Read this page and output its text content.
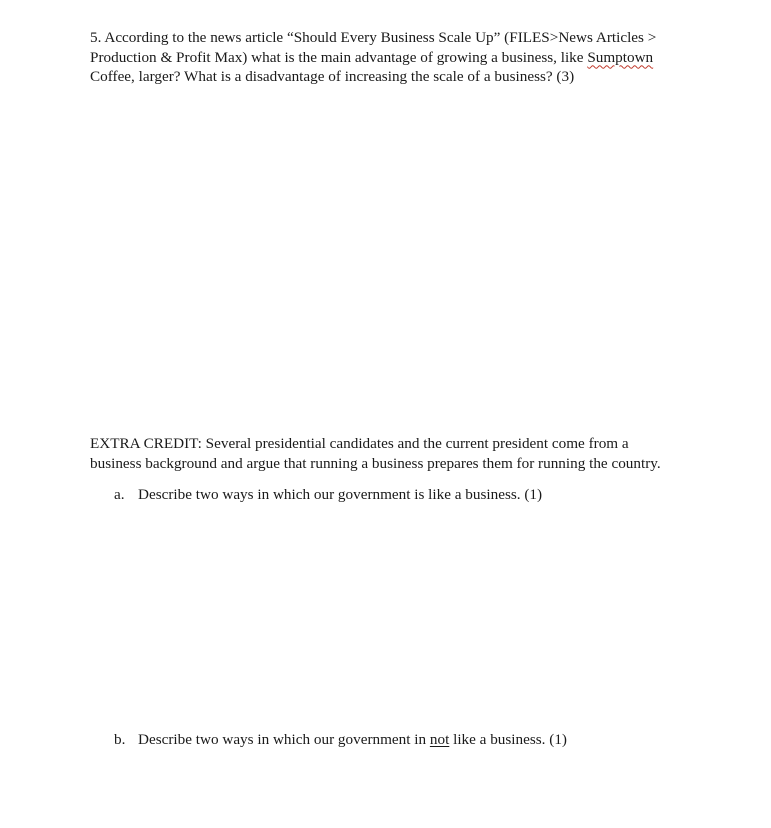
5. According to the news article “Should Every Business Scale Up” (FILES>News Articles >
Production & Profit Max) what is the main advantage of growing a business, like Sumptown
Coffee, larger? What is a disadvantage of increasing the scale of a business? (3)

EXTRA CREDIT: Several presidential candidates and the current president come from a
business background and argue that running a business prepares them for running the country.

a. Describe two ways in which our government is like a business. (1)
b. Describe two ways in which our government in not like a business. (1)
